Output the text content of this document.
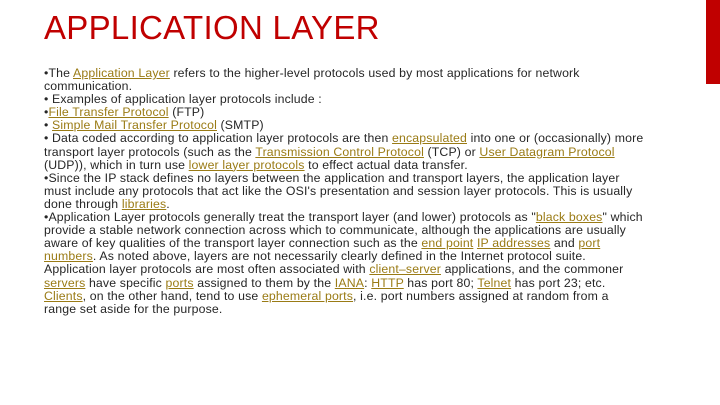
APPLICATION LAYER

•The Application Layer refers to the higher-level protocols used by most applications for network communication.

• Examples of application layer protocols include :

•File Transfer Protocol (FTP)

• Simple Mail Transfer Protocol (SMTP)

• Data coded according to application layer protocols are then encapsulated into one or (occasionally) more transport layer protocols (such as the Transmission Control Protocol (TCP) or User Datagram Protocol (UDP)), which in turn use lower layer protocols to effect actual data transfer.

•Since the IP stack defines no layers between the application and transport layers, the application layer must include any protocols that act like the OSI's presentation and session layer protocols. This is usually done through libraries.

•Application Layer protocols generally treat the transport layer (and lower) protocols as "black boxes" which provide a stable network connection across which to communicate, although the applications are usually aware of key qualities of the transport layer connection such as the end point IP addresses and port numbers. As noted above, layers are not necessarily clearly defined in the Internet protocol suite. Application layer protocols are most often associated with client–server applications, and the commoner servers have specific ports assigned to them by the IANA: HTTP has port 80; Telnet has port 23; etc. Clients, on the other hand, tend to use ephemeral ports, i.e. port numbers assigned at random from a range set aside for the purpose.
